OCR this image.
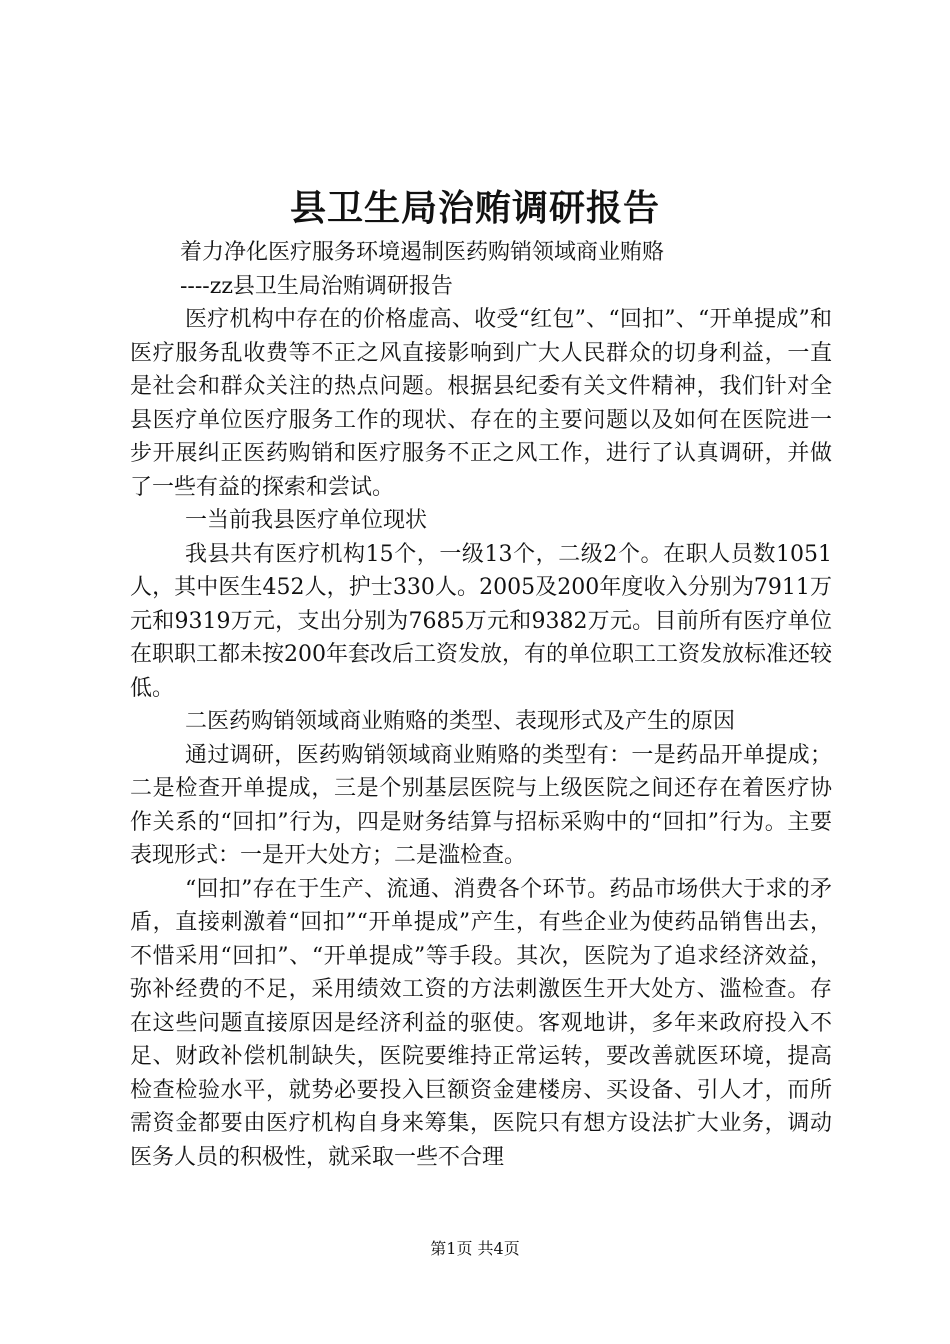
县卫生局治贿调研报告

着力净化医疗服务环境遏制医药购销领域商业贿赂

----zz县卫生局治贿调研报告

医疗机构中存在的价格虚高、收受“红包”、“回扣”、“开单提成”和医疗服务乱收费等不正之风直接影响到广大人民群众的切身利益，一直是社会和群众关注的热点问题。根据县纪委有关文件精神，我们针对全县医疗单位医疗服务工作的现状、存在的主要问题以及如何在医院进一步开展纠正医药购销和医疗服务不正之风工作，进行了认真调研，并做了一些有益的探索和尝试。

一当前我县医疗单位现状

我县共有医疗机构15个，一级13个，二级2个。在职人员数1051人，其中医生452人，护士330人。2005及200年度收入分别为7911万元和9319万元，支出分别为7685万元和9382万元。目前所有医疗单位在职职工都未按200年套改后工资发放，有的单位职工工资发放标准还较低。

二医药购销领域商业贿赂的类型、表现形式及产生的原因

通过调研，医药购销领域商业贿赂的类型有：一是药品开单提成；二是检查开单提成，三是个别基层医院与上级医院之间还存在着医疗协作关系的“回扣”行为，四是财务结算与招标采购中的“回扣”行为。主要表现形式：一是开大处方；二是滥检查。

“回扣”存在于生产、流通、消费各个环节。药品市场供大于求的矛盾，直接刺激着“回扣”“开单提成”产生，有些企业为使药品销售出去，不惜采用“回扣”、“开单提成”等手段。其次，医院为了追求经济效益，弥补经费的不足，采用绩效工资的方法刺激医生开大处方、滥检查。存在这些问题直接原因是经济利益的驱使。客观地讲，多年来政府投入不足、财政补偿机制缺失，医院要维持正常运转，要改善就医环境，提高检查检验水平，就势必要投入巨额资金建楼房、买设备、引人才，而所需资金都要由医疗机构自身来筹集，医院只有想方设法扩大业务，调动医务人员的积极性，就采取一些不合理

第1页 共4页
